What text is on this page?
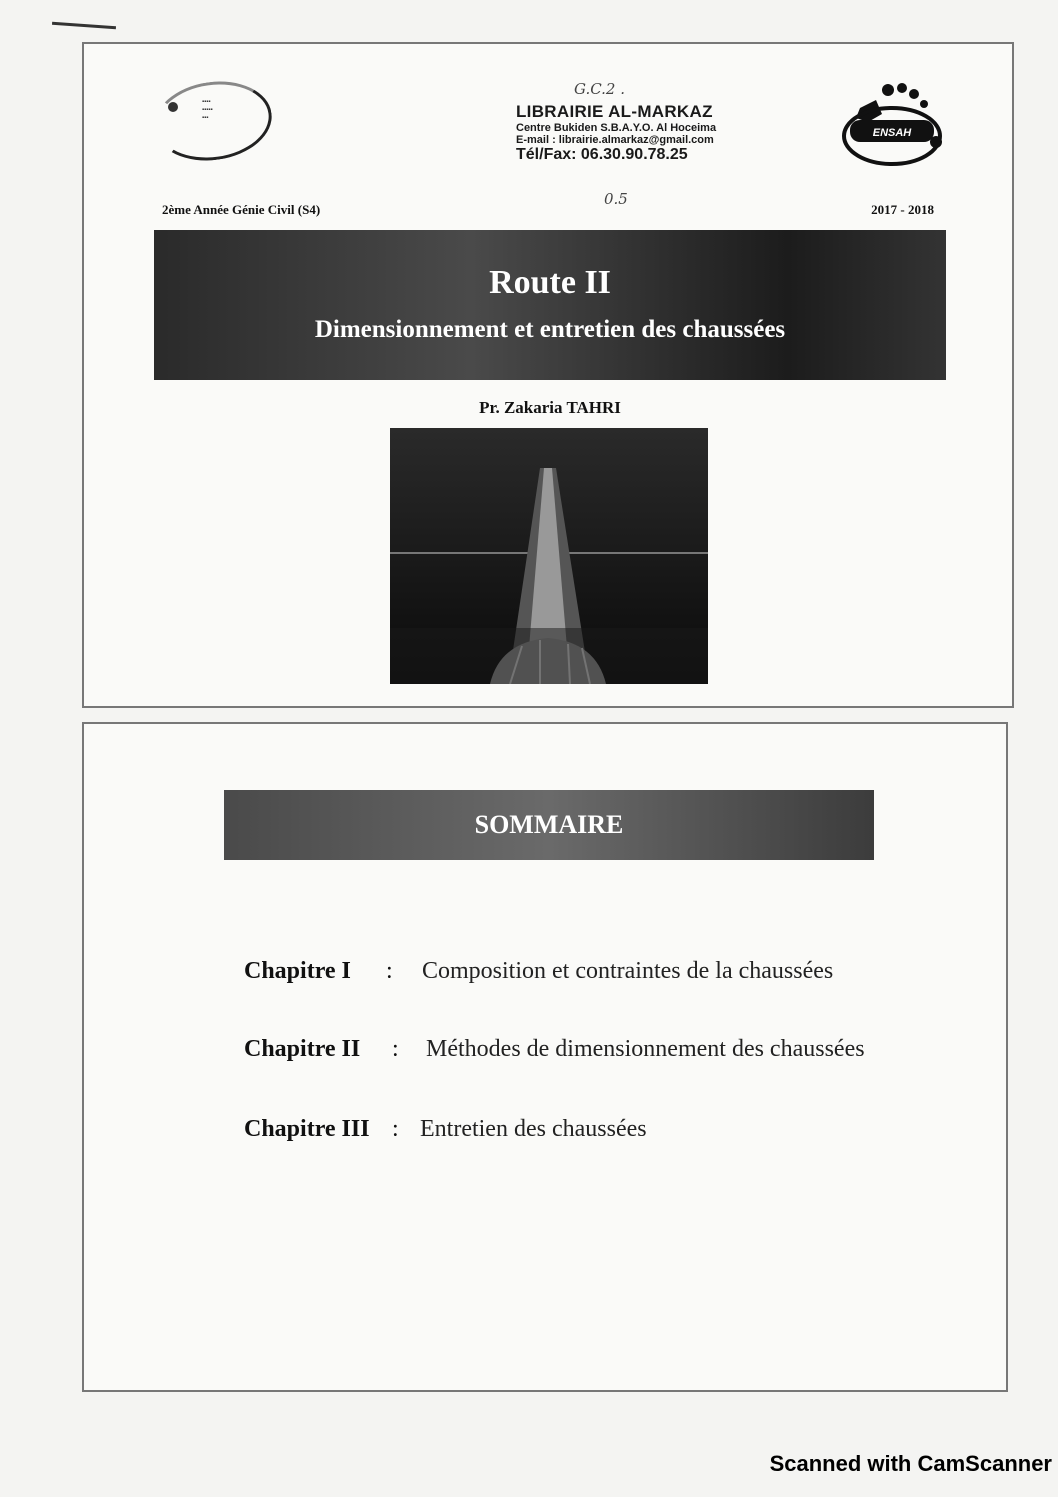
▪▪▪▪
▪▪▪▪▪
▪▪▪
G.C.2 .
LIBRAIRIE AL-MARKAZ
Centre Bukiden S.B.A.Y.O. Al Hoceima
E-mail : librairie.almarkaz@gmail.com
Tél/Fax: 06.30.90.78.25
0.5
ENSAH
2ème Année Génie Civil (S4)	2017 - 2018
Route II
Dimensionnement et entretien des chaussées
Pr. Zakaria TAHRI
SOMMAIRE
Chapitre I : Composition et contraintes de la chaussées
Chapitre II : Méthodes de dimensionnement des chaussées
Chapitre III : Entretien des chaussées
Scanned with CamScanner
